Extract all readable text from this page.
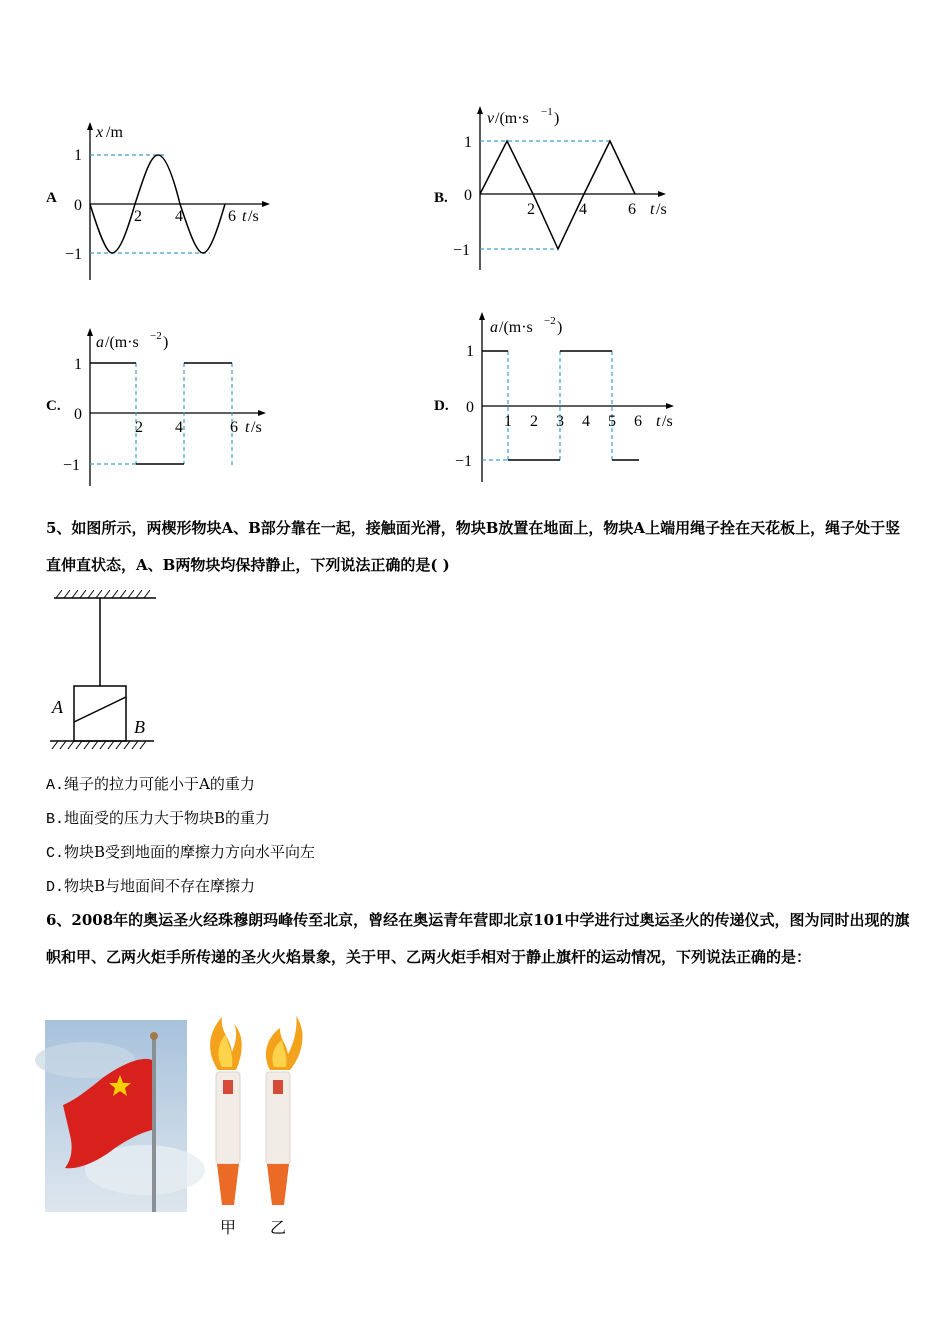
A
x /m
1
0
−1
2 4	6 t /s
B.
v /(m·s −1 )
1
0
−1
2	4	6 t /s
C.
a /(m·s −2 )
1
0
−1
2 4	6 t /s
D.
a /(m·s −2 )
1
0
−1
1 2 3 4 5 6 t /s
5、如图所示，两楔形物块A、B部分靠在一起，接触面光滑，物块B放置在地面上，物块A上端用绳子拴在天花板上，绳子处于竖直伸直状态，A、B两物块均保持静止，下列说法正确的是( )
A
B
A.绳子的拉力可能小于A的重力
B.地面受的压力大于物块B的重力
C.物块B受到地面的摩擦力方向水平向左
D.物块B与地面间不存在摩擦力
6、2008年的奥运圣火经珠穆朗玛峰传至北京，曾经在奥运青年营即北京101中学进行过奥运圣火的传递仪式，图为同时出现的旗帜和甲、乙两火炬手所传递的圣火火焰景象，关于甲、乙两火炬手相对于静止旗杆的运动情况，下列说法正确的是：
甲 乙
